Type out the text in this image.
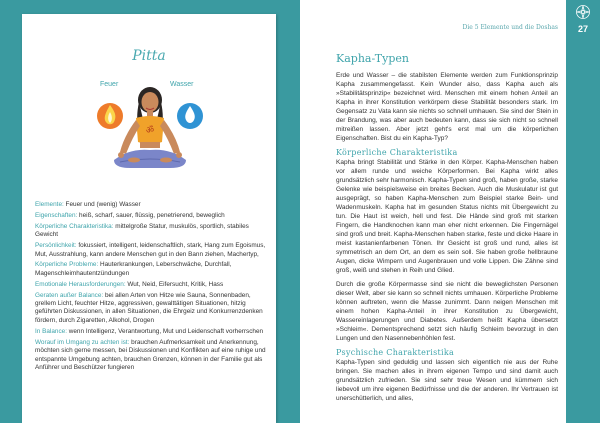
Pitta
Feuer	Wasser
ॐ

Elemente: Feuer und (wenig) Wasser

Eigenschaften: heiß, scharf, sauer, flüssig, penetrierend, beweglich

Körperliche Charakteristika: mittelgroße Statur, muskulös, sportlich, stabiles Gewicht

Persönlichkeit: fokussiert, intelligent, leidenschaftlich, stark, Hang zum Egoismus, Mut, Ausstrahlung, kann andere Menschen gut in den Bann ziehen, Machertyp,

Körperliche Probleme: Hauterkrankungen, Leberschwäche, Durchfall, Magenschleimhautentzündungen

Emotionale Herausforderungen: Wut, Neid, Eifersucht, Kritik, Hass

Geraten außer Balance: bei allen Arten von Hitze wie Sauna, Sonnenbaden, grellem Licht, feuchter Hitze, aggressiven, gewalttätigen Situationen, hitzig geführten Diskussionen, in allen Situationen, die Ehrgeiz und Konkurrenzdenken fördern, durch Zigaretten, Alkohol, Drogen

In Balance: wenn Intelligenz, Verantwortung, Mut und Leidenschaft vorherrschen

Worauf im Umgang zu achten ist: brauchen Aufmerksamkeit und Anerkennung, möchten sich gerne messen, bei Diskussionen und Konflikten auf eine ruhige und entspannte Umgebung achten, brauchen Grenzen, können in der Familie gut als Anführer und Beschützer fungieren

Die 5 Elemente und die Doshas	27
Kapha-Typen

Erde und Wasser – die stabilsten Elemente werden zum Funktionsprinzip Kapha zusammengefasst. Kein Wunder also, dass Kapha auch als »Stabilitätsprinzip« bezeichnet wird. Menschen mit einem hohen Anteil an Kapha in ihrer Konstitution verkörpern diese Stabilität besonders stark. Im Gegensatz zu Vata kann sie nichts so schnell umhauen. Sie sind der Stein in der Brandung, was aber auch bedeuten kann, dass sie sich nicht so schnell mitreißen lassen. Aber jetzt geht's erst mal um die körperlichen Eigenschaften. Bist du ein Kapha-Typ?

Körperliche Charakteristika

Kapha bringt Stabilität und Stärke in den Körper. Kapha-Menschen haben vor allem runde und weiche Körperformen. Bei Kapha wirkt alles grundsätzlich sehr harmonisch. Kapha-Typen sind groß, haben große, starke Gelenke wie beispielsweise ein breites Becken. Auch die Muskulatur ist gut ausgeprägt, so haben Kapha-Menschen zum Beispiel starke Bein- und Wadenmuskeln. Kapha hat im gesunden Status nichts mit Übergewicht zu tun. Die Haut ist weich, hell und fest. Die Hände sind groß mit starken Fingern, die Handknochen kann man eher nicht erkennen. Die Fingernägel sind groß und breit. Kapha-Menschen haben starke, feste und dicke Haare in meist kastanienfarbenen Tönen. Ihr Gesicht ist groß und rund, alles ist symmetrisch an dem Ort, an dem es sein soll. Sie haben große hellbraune Augen, dicke Wimpern und Augenbrauen und volle Lippen. Die Zähne sind groß, weiß und stehen in Reih und Glied.

Durch die große Körpermasse sind sie nicht die beweglichsten Personen dieser Welt, aber sie kann so schnell nichts umhauen. Körperliche Probleme können auftreten, wenn die Masse zunimmt. Dann neigen Menschen mit einem hohen Kapha-Anteil in ihrer Konstitution zu Übergewicht, Wassereinlagerungen und Diabetes. Außerdem heißt Kapha übersetzt »Schleim«. Dementsprechend setzt sich häufig Schleim bevorzugt in den Lungen und den Nasennebenhöhlen fest.

Psychische Charakteristika

Kapha-Typen sind geduldig und lassen sich eigentlich nie aus der Ruhe bringen. Sie machen alles in ihrem eigenen Tempo und sind damit auch grundsätzlich zufrieden. Sie sind sehr treue Wesen und kümmern sich liebevoll um ihre eigenen Bedürfnisse und die der anderen. Ihr Vertrauen ist unerschütterlich, und alles,
